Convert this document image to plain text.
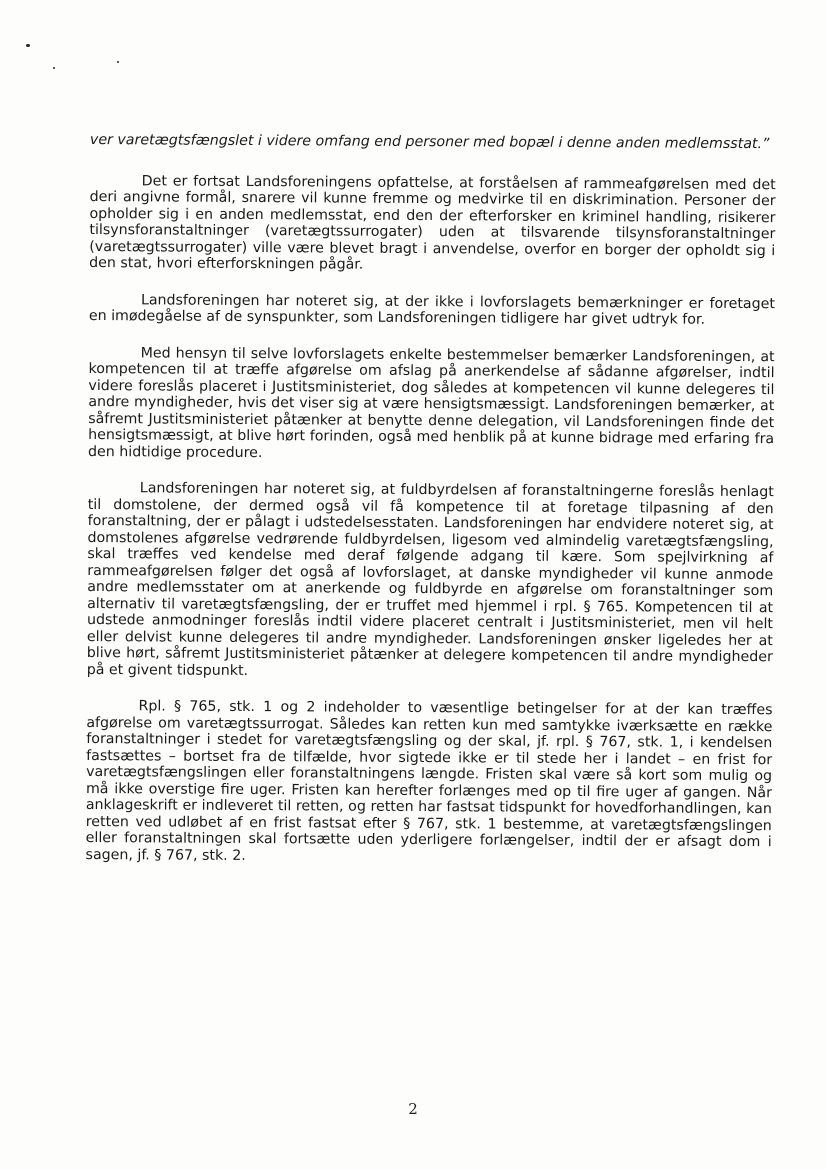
ver varetægtsfængslet i videre omfang end personer med bopæl i denne anden medlemsstat.”

Det er fortsat Landsforeningens opfattelse, at forståelsen af rammeafgørelsen med det deri angivne formål, snarere vil kunne fremme og medvirke til en diskrimination. Personer der opholder sig i en anden medlemsstat, end den der efterforsker en kriminel handling, risikerer tilsynsforanstaltninger (varetægtssurrogater) uden at tilsvarende tilsynsforanstaltninger (varetægtssurrogater) ville være blevet bragt i anvendelse, overfor en borger der opholdt sig i den stat, hvori efterforskningen pågår.

Landsforeningen har noteret sig, at der ikke i lovforslagets bemærkninger er foretaget en imødegåelse af de synspunkter, som Landsforeningen tidligere har givet udtryk for.

Med hensyn til selve lovforslagets enkelte bestemmelser bemærker Landsforeningen, at kompetencen til at træffe afgørelse om afslag på anerkendelse af sådanne afgørelser, indtil videre foreslås placeret i Justitsministeriet, dog således at kompetencen vil kunne delegeres til andre myndigheder, hvis det viser sig at være hensigtsmæssigt. Landsforeningen bemærker, at såfremt Justitsministeriet påtænker at benytte denne delegation, vil Landsforeningen finde det hensigtsmæssigt, at blive hørt forinden, også med henblik på at kunne bidrage med erfaring fra den hidtidige procedure.

Landsforeningen har noteret sig, at fuldbyrdelsen af foranstaltningerne foreslås henlagt til domstolene, der dermed også vil få kompetence til at foretage tilpasning af den foranstaltning, der er pålagt i udstedelsesstaten. Landsforeningen har endvidere noteret sig, at domstolenes afgørelse vedrørende fuldbyrdelsen, ligesom ved almindelig varetægtsfængsling, skal træffes ved kendelse med deraf følgende adgang til kære. Som spejlvirkning af rammeafgørelsen følger det også af lovforslaget, at danske myndigheder vil kunne anmode andre medlemsstater om at anerkende og fuldbyrde en afgørelse om foranstaltninger som alternativ til varetægtsfængsling, der er truffet med hjemmel i rpl. § 765. Kompetencen til at udstede anmodninger foreslås indtil videre placeret centralt i Justitsministeriet, men vil helt eller delvist kunne delegeres til andre myndigheder. Landsforeningen ønsker ligeledes her at blive hørt, såfremt Justitsministeriet påtænker at delegere kompetencen til andre myndigheder på et givent tidspunkt.

Rpl. § 765, stk. 1 og 2 indeholder to væsentlige betingelser for at der kan træffes afgørelse om varetægtssurrogat. Således kan retten kun med samtykke iværksætte en række foranstaltninger i stedet for varetægtsfængsling og der skal, jf. rpl. § 767, stk. 1, i kendelsen fastsættes – bortset fra de tilfælde, hvor sigtede ikke er til stede her i landet – en frist for varetægtsfængslingen eller foranstaltningens længde. Fristen skal være så kort som mulig og må ikke overstige fire uger. Fristen kan herefter forlænges med op til fire uger af gangen. Når anklageskrift er indleveret til retten, og retten har fastsat tidspunkt for hovedforhandlingen, kan retten ved udløbet af en frist fastsat efter § 767, stk. 1 bestemme, at varetægtsfængslingen eller foranstaltningen skal fortsætte uden yderligere forlængelser, indtil der er afsagt dom i sagen, jf. § 767, stk. 2.

2
